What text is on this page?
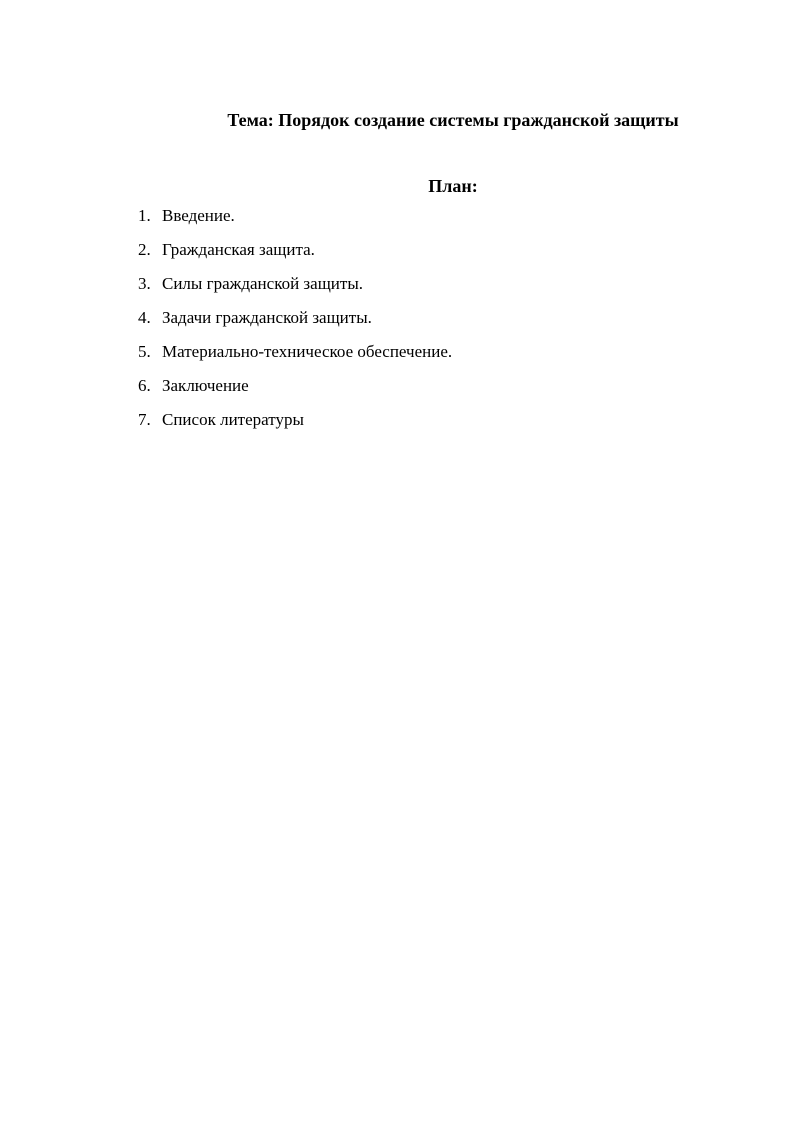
Тема: Порядок создание системы гражданской защиты
План:
1. Введение.
2. Гражданская защита.
3. Силы гражданской защиты.
4. Задачи гражданской защиты.
5. Материально-техническое обеспечение.
6. Заключение
7. Список литературы
